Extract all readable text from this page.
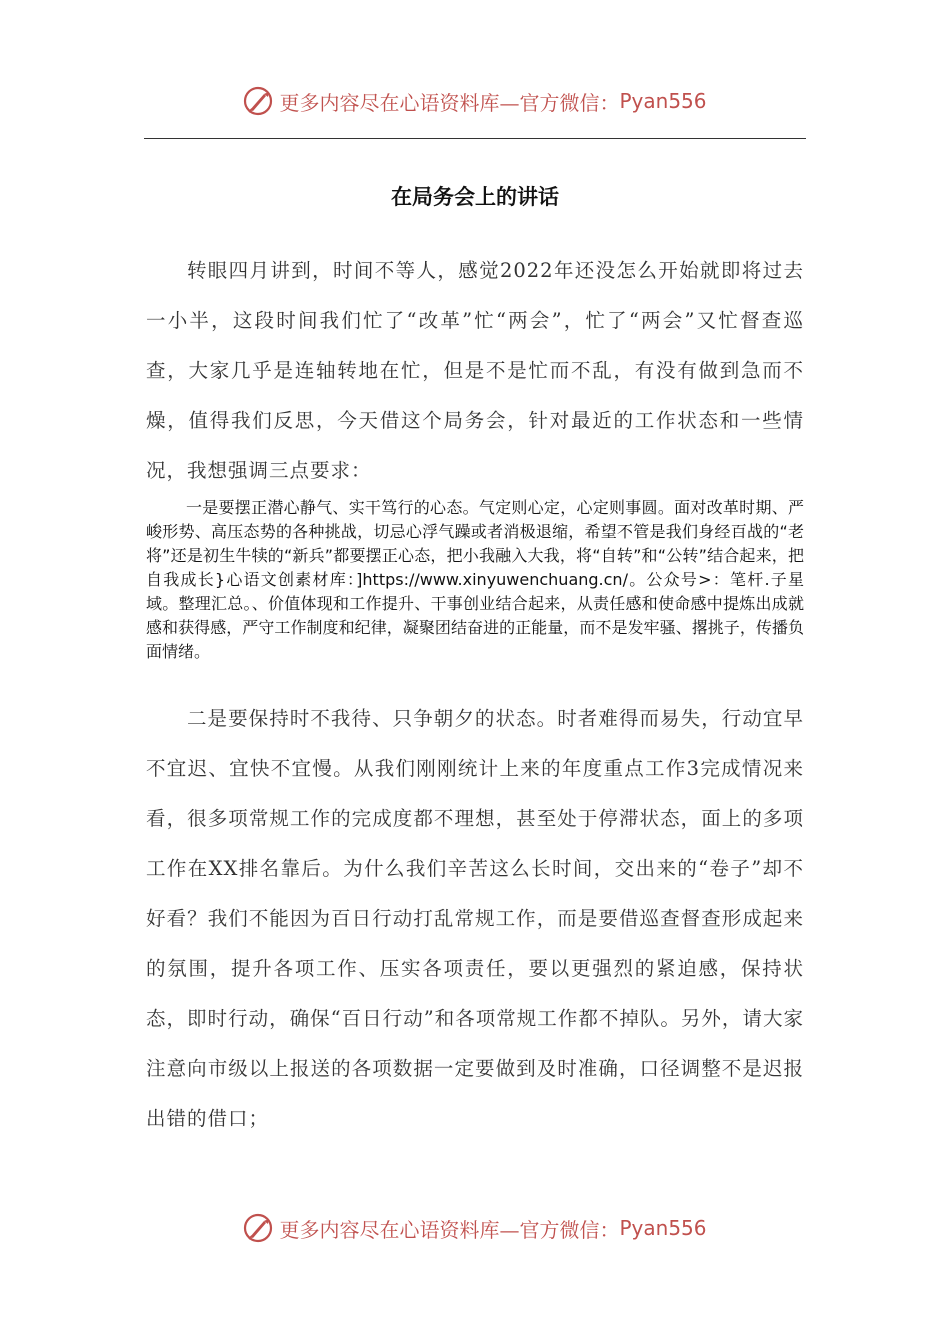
更多内容尽在心语资料库—官方微信： Pyan556
在局务会上的讲话

转眼四月讲到，时间不等人，感觉2022年还没怎么开始就即将过去一小半，这段时间我们忙了“改革”忙“两会”，忙了“两会”又忙督查巡查，大家几乎是连轴转地在忙，但是不是忙而不乱，有没有做到急而不燥，值得我们反思，今天借这个局务会，针对最近的工作状态和一些情况，我想强调三点要求：

一是要摆正潜心静气、实干笃行的心态。气定则心定，心定则事圆。面对改革时期、严峻形势、高压态势的各种挑战，切忌心浮气躁或者消极退缩，希望不管是我们身经百战的“老将”还是初生牛犊的“新兵”都要摆正心态，把小我融入大我，将“自转”和“公转”结合起来，把自我成长}心语文创素材库：]https://www.xinyuwenchuang.cn/。公众号>：笔杆.子星域。整理汇总。、价值体现和工作提升、干事创业结合起来，从责任感和使命感中提炼出成就感和获得感，严守工作制度和纪律，凝聚团结奋进的正能量，而不是发牢骚、撂挑子，传播负面情绪。

二是要保持时不我待、只争朝夕的状态。时者难得而易失，行动宜早不宜迟、宜快不宜慢。从我们刚刚统计上来的年度重点工作3完成情况来看，很多项常规工作的完成度都不理想，甚至处于停滞状态，面上的多项工作在XX排名靠后。为什么我们辛苦这么长时间，交出来的“卷子”却不好看？我们不能因为百日行动打乱常规工作，而是要借巡查督查形成起来的氛围，提升各项工作、压实各项责任，要以更强烈的紧迫感，保持状态，即时行动，确保“百日行动”和各项常规工作都不掉队。另外，请大家注意向市级以上报送的各项数据一定要做到及时准确，口径调整不是迟报出错的借口；

更多内容尽在心语资料库—官方微信： Pyan556
